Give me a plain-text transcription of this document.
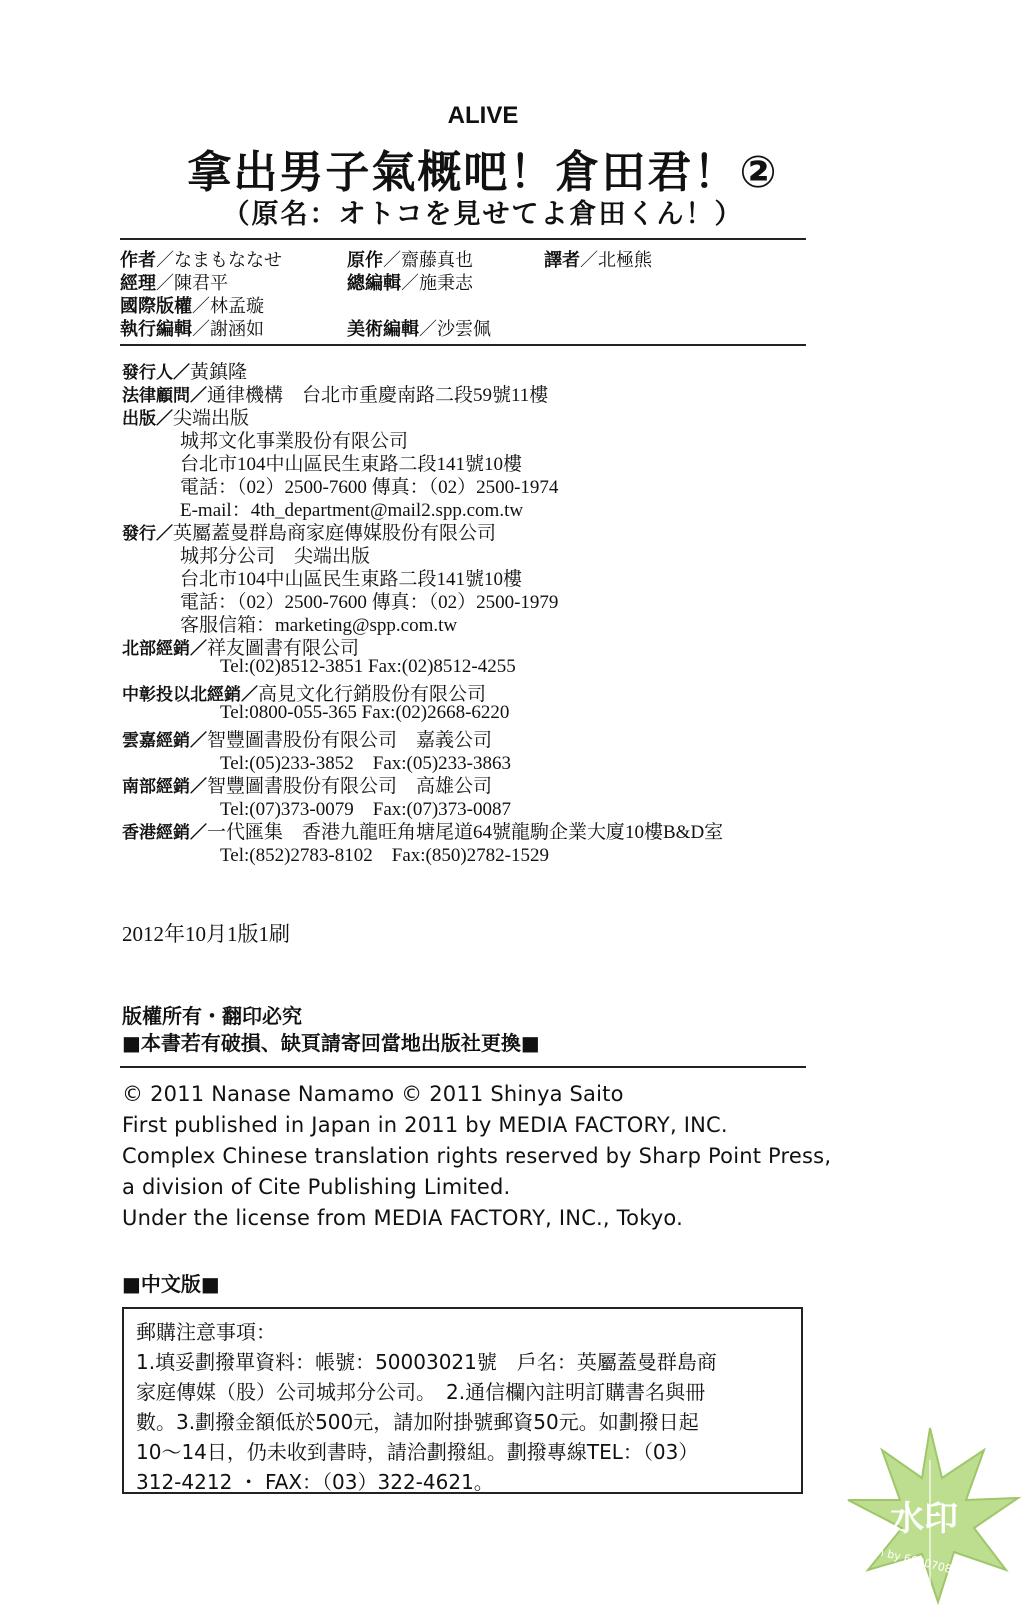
ALIVE
拿出男子氣概吧！倉田君！②
（原名：オトコを見せてよ倉田くん！）
作者／なまもななせ	原作／齋藤真也	譯者／北極熊
經理／陳君平	總編輯／施秉志
國際版權／林孟璇
執行編輯／謝涵如	美術編輯／沙雲佩
發行人／黃鎮隆
法律顧問／通律機構　台北市重慶南路二段59號11樓
出版／尖端出版
城邦文化事業股份有限公司
台北市104中山區民生東路二段141號10樓
電話：（02）2500-7600 傳真：（02）2500-1974
E-mail：4th_department@mail2.spp.com.tw
發行／英屬蓋曼群島商家庭傳媒股份有限公司
城邦分公司　尖端出版
台北市104中山區民生東路二段141號10樓
電話：（02）2500-7600 傳真：（02）2500-1979
客服信箱：marketing@spp.com.tw
北部經銷／祥友圖書有限公司
Tel:(02)8512-3851 Fax:(02)8512-4255
中彰投以北經銷／高見文化行銷股份有限公司
Tel:0800-055-365 Fax:(02)2668-6220
雲嘉經銷／智豐圖書股份有限公司　嘉義公司
Tel:(05)233-3852　Fax:(05)233-3863
南部經銷／智豐圖書股份有限公司　高雄公司
Tel:(07)373-0079　Fax:(07)373-0087
香港經銷／一代匯集　香港九龍旺角塘尾道64號龍駒企業大廈10樓B&D室
Tel:(852)2783-8102　Fax:(850)2782-1529
2012年10月1版1刷
版權所有・翻印必究
■本書若有破損、缺頁請寄回當地出版社更換■
© 2011 Nanase Namamo © 2011 Shinya Saito
First published in Japan in 2011 by MEDIA FACTORY, INC.
Complex Chinese translation rights reserved by Sharp Point Press,
a division of Cite Publishing Limited.
Under the license from MEDIA FACTORY, INC., Tokyo.
■中文版■
郵購注意事項：
1.填妥劃撥單資料：帳號：50003021號　戶名：英屬蓋曼群島商
家庭傳媒（股）公司城邦分公司。　2.通信欄內註明訂購書名與冊
數。3.劃撥金額低於500元，請加附掛號郵資50元。如劃撥日起
10～14日，仍未收到書時，請洽劃撥組。劃撥專線TEL：（03）
312-4212 ・ FAX：（03）322-4621。
水印
Scan by 60907081t
